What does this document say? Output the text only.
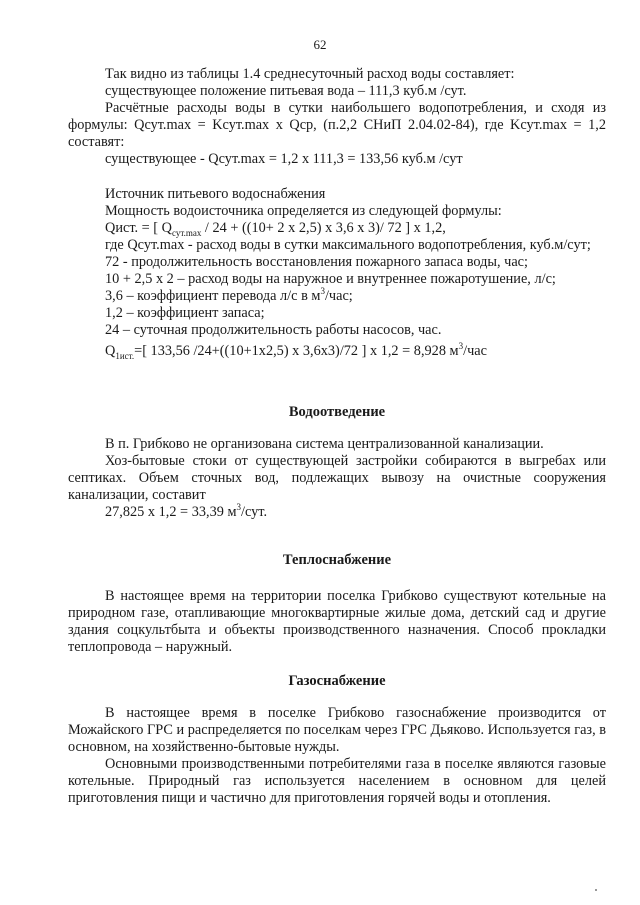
62

Так видно из таблицы 1.4 среднесуточный расход воды составляет:

существующее положение питьевая вода – 111,3 куб.м /сут.

Расчётные расходы воды в сутки наибольшего водопотребления, и сходя из формулы: Qсут.max = Kсут.max x Qср, (п.2,2 СНиП 2.04.02-84), где Kсут.max = 1,2 составят:

существующее - Qсут.max = 1,2 x 111,3 = 133,56 куб.м /сут

Источник питьевого водоснабжения

Мощность водоисточника определяется из следующей формулы:

Qист. = [ $Q_{сут.max} / 24 + ((10+ 2$ x 2,5) x 3,6 x 3)/ 72 ] x 1,2,

где Qсут.max - расход воды в сутки максимального водопотребления, куб.м/сут;

72 - продолжительность восстановления пожарного запаса воды, час;

10 + 2,5 x 2 – расход воды на наружное и внутреннее пожаротушение, л/с;

3,6 – коэффициент перевода л/с в $м^3$/час;

1,2 – коэффициент запаса;

24 – суточная продолжительность работы насосов, час.

$Q_{1ист.}=$[ 133,56 /24+((10+1x2,5) x 3,6x3)/72 ] x 1,2 = 8,928 $м^3$/час

Водоотведение

В п. Грибково не организована система централизованной канализации.

Хоз-бытовые стоки от существующей застройки собираются в выгребах или септиках. Объем сточных вод, подлежащих вывозу на очистные сооружения канализации, составит

27,825 х 1,2 = 33,39 $м^3$/сут.

Теплоснабжение

В настоящее время на территории поселка Грибково существуют котельные на природном газе, отапливающие многоквартирные жилые дома, детский сад и другие здания соцкультбыта и объекты производственного назначения. Способ прокладки теплопровода – наружный.

Газоснабжение

В настоящее время в поселке Грибково газоснабжение производится от Можайского ГРС и распределяется по поселкам через ГРС Дьяково. Используется газ, в основном, на хозяйственно-бытовые нужды.

Основными производственными потребителями газа в поселке являются газовые котельные. Природный газ используется населением в основном для целей приготовления пищи и частично для приготовления горячей воды и отопления.
